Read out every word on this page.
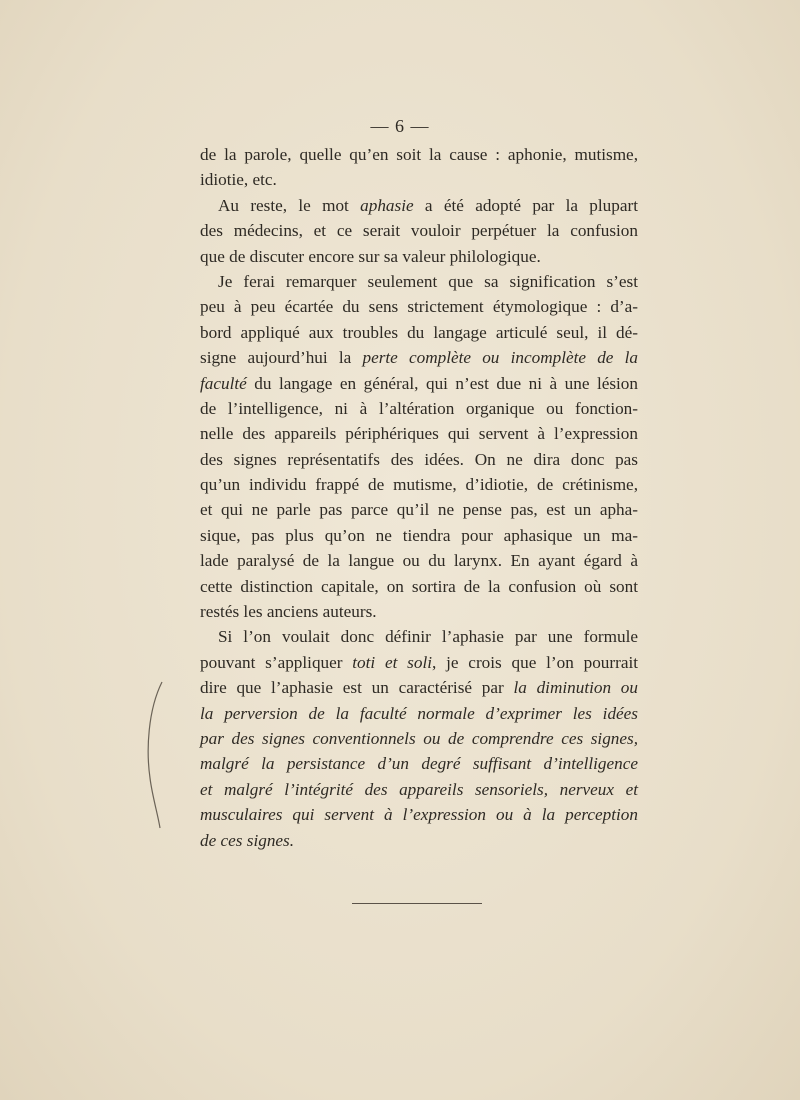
— 6 —
de la parole, quelle qu’en soit la cause : aphonie, mutisme,
idiotie, etc.
Au reste, le mot aphasie a été adopté par la plupart
des médecins, et ce serait vouloir perpétuer la confusion
que de discuter encore sur sa valeur philologique.
Je ferai remarquer seulement que sa signification s’est
peu à peu écartée du sens strictement étymologique : d’a-
bord appliqué aux troubles du langage articulé seul, il dé-
signe aujourd’hui la perte complète ou incomplète de la
faculté du langage en général, qui n’est due ni à une lésion
de l’intelligence, ni à l’altération organique ou fonction-
nelle des appareils périphériques qui servent à l’expression
des signes représentatifs des idées. On ne dira donc pas
qu’un individu frappé de mutisme, d’idiotie, de crétinisme,
et qui ne parle pas parce qu’il ne pense pas, est un apha-
sique, pas plus qu’on ne tiendra pour aphasique un ma-
lade paralysé de la langue ou du larynx. En ayant égard à
cette distinction capitale, on sortira de la confusion où sont
restés les anciens auteurs.
Si l’on voulait donc définir l’aphasie par une formule
pouvant s’appliquer toti et soli, je crois que l’on pourrait
dire que l’aphasie est un caractérisé par la diminution ou
la perversion de la faculté normale d’exprimer les idées
par des signes conventionnels ou de comprendre ces signes,
malgré la persistance d’un degré suffisant d’intelligence
et malgré l’intégrité des appareils sensoriels, nerveux et
musculaires qui servent à l’expression ou à la perception
de ces signes.
